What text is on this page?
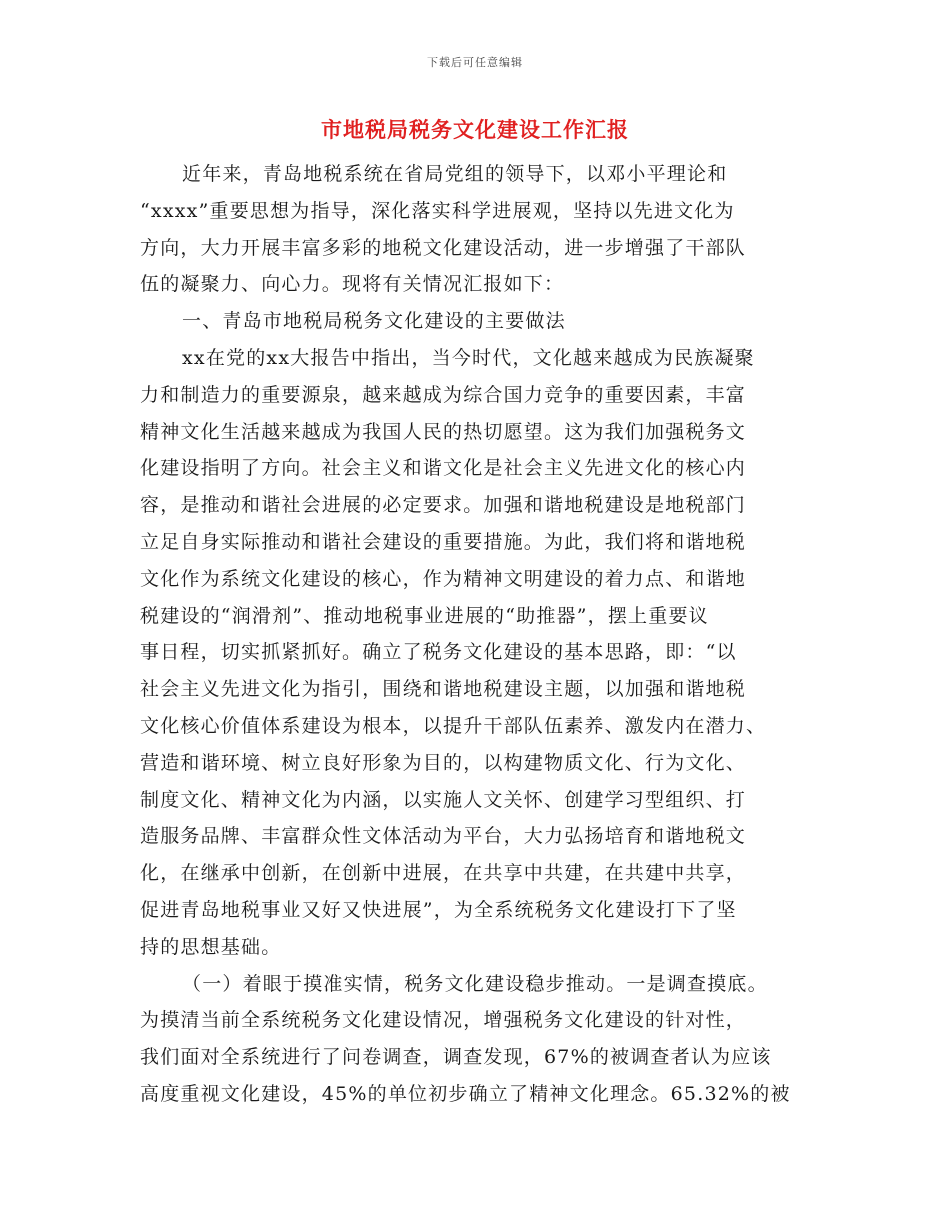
下载后可任意编辑
市地税局税务文化建设工作汇报
近年来，青岛地税系统在省局党组的领导下，以邓小平理论和
“xxxx”重要思想为指导，深化落实科学进展观，坚持以先进文化为
方向，大力开展丰富多彩的地税文化建设活动，进一步增强了干部队
伍的凝聚力、向心力。现将有关情况汇报如下：
一、青岛市地税局税务文化建设的主要做法
xx在党的xx大报告中指出，当今时代，文化越来越成为民族凝聚
力和制造力的重要源泉，越来越成为综合国力竞争的重要因素，丰富
精神文化生活越来越成为我国人民的热切愿望。这为我们加强税务文
化建设指明了方向。社会主义和谐文化是社会主义先进文化的核心内
容，是推动和谐社会进展的必定要求。加强和谐地税建设是地税部门
立足自身实际推动和谐社会建设的重要措施。为此，我们将和谐地税
文化作为系统文化建设的核心，作为精神文明建设的着力点、和谐地
税建设的“润滑剂”、推动地税事业进展的“助推器”，摆上重要议
事日程，切实抓紧抓好。确立了税务文化建设的基本思路，即：“以
社会主义先进文化为指引，围绕和谐地税建设主题，以加强和谐地税
文化核心价值体系建设为根本，以提升干部队伍素养、激发内在潜力、
营造和谐环境、树立良好形象为目的，以构建物质文化、行为文化、
制度文化、精神文化为内涵，以实施人文关怀、创建学习型组织、打
造服务品牌、丰富群众性文体活动为平台，大力弘扬培育和谐地税文
化，在继承中创新，在创新中进展，在共享中共建，在共建中共享，
促进青岛地税事业又好又快进展”，为全系统税务文化建设打下了坚
持的思想基础。
（一）着眼于摸准实情，税务文化建设稳步推动。一是调查摸底。
为摸清当前全系统税务文化建设情况，增强税务文化建设的针对性，
我们面对全系统进行了问卷调查，调查发现，67%的被调查者认为应该
高度重视文化建设，45%的单位初步确立了精神文化理念。65.32%的被
